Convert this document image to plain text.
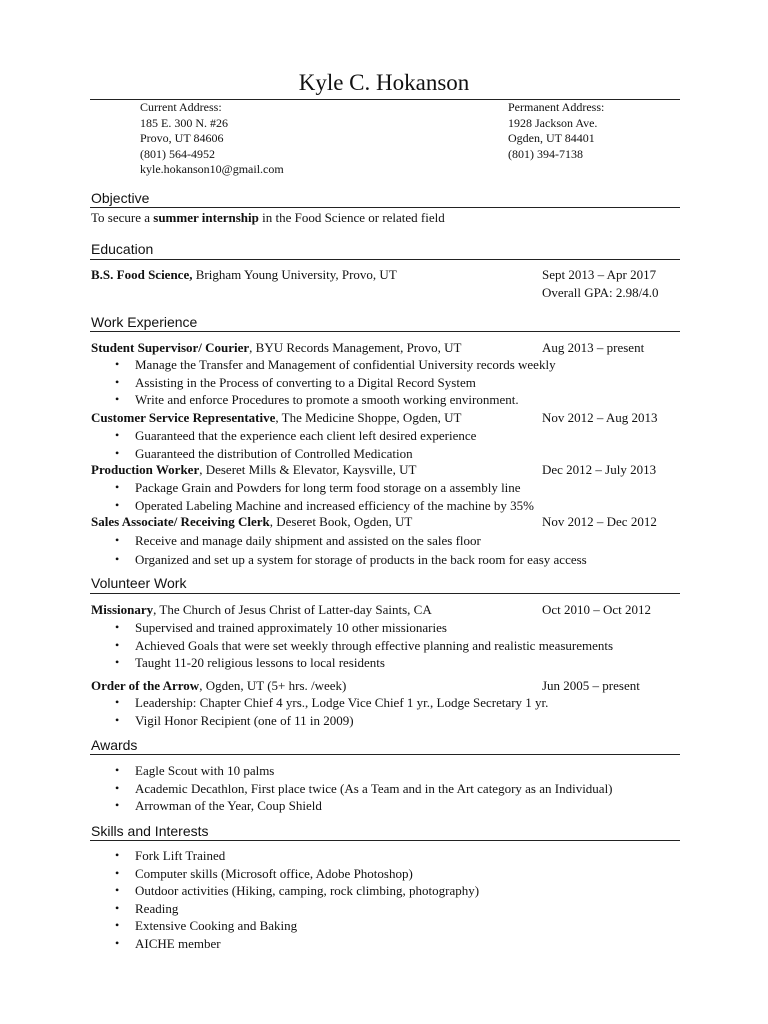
Kyle C. Hokanson
Current Address:
185 E. 300 N. #26
Provo, UT 84606
(801) 564-4952
kyle.hokanson10@gmail.com
Permanent Address:
1928 Jackson Ave.
Ogden, UT 84401
(801) 394-7138
Objective
To secure a summer internship in the Food Science or related field
Education
B.S. Food Science, Brigham Young University, Provo, UT	Sept 2013 – Apr 2017
Overall GPA: 2.98/4.0
Work Experience
Student Supervisor/ Courier, BYU Records Management, Provo, UT	Aug 2013 – present
• Manage the Transfer and Management of confidential University records weekly
• Assisting in the Process of converting to a Digital Record System
• Write and enforce Procedures to promote a smooth working environment.
Customer Service Representative, The Medicine Shoppe, Ogden, UT	Nov 2012 – Aug 2013
• Guaranteed that the experience each client left desired experience
• Guaranteed the distribution of Controlled Medication
Production Worker, Deseret Mills & Elevator, Kaysville, UT	Dec 2012 – July 2013
• Package Grain and Powders for long term food storage on a assembly line
• Operated Labeling Machine and increased efficiency of the machine by 35%
Sales Associate/ Receiving Clerk, Deseret Book, Ogden, UT	Nov 2012 – Dec 2012
• Receive and manage daily shipment and assisted on the sales floor
• Organized and set up a system for storage of products in the back room for easy access
Volunteer Work
Missionary, The Church of Jesus Christ of Latter-day Saints, CA	Oct 2010 – Oct 2012
• Supervised and trained approximately 10 other missionaries
• Achieved Goals that were set weekly through effective planning and realistic measurements
• Taught 11-20 religious lessons to local residents
Order of the Arrow, Ogden, UT (5+ hrs. /week)	Jun 2005 – present
• Leadership: Chapter Chief 4 yrs., Lodge Vice Chief 1 yr., Lodge Secretary 1 yr.
• Vigil Honor Recipient (one of 11 in 2009)
Awards
• Eagle Scout with 10 palms
• Academic Decathlon, First place twice (As a Team and in the Art category as an Individual)
• Arrowman of the Year, Coup Shield
Skills and Interests
• Fork Lift Trained
• Computer skills (Microsoft office, Adobe Photoshop)
• Outdoor activities (Hiking, camping, rock climbing, photography)
• Reading
• Extensive Cooking and Baking
• AICHE member
